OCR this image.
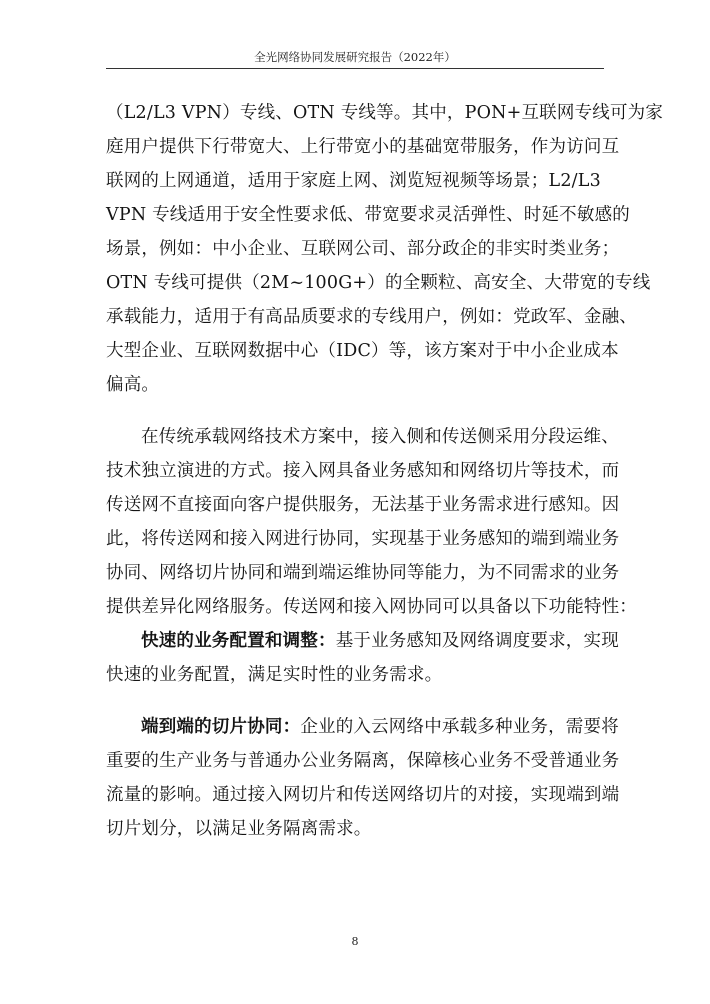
全光网络协同发展研究报告（2022年）
（L2/L3 VPN）专线、OTN 专线等。其中，PON+互联网专线可为家
庭用户提供下行带宽大、上行带宽小的基础宽带服务，作为访问互
联网的上网通道，适用于家庭上网、浏览短视频等场景；L2/L3
VPN 专线适用于安全性要求低、带宽要求灵活弹性、时延不敏感的
场景，例如：中小企业、互联网公司、部分政企的非实时类业务；
OTN 专线可提供（2M~100G+）的全颗粒、高安全、大带宽的专线
承载能力，适用于有高品质要求的专线用户，例如：党政军、金融、
大型企业、互联网数据中心（IDC）等，该方案对于中小企业成本
偏高。
在传统承载网络技术方案中，接入侧和传送侧采用分段运维、
技术独立演进的方式。接入网具备业务感知和网络切片等技术，而
传送网不直接面向客户提供服务，无法基于业务需求进行感知。因
此，将传送网和接入网进行协同，实现基于业务感知的端到端业务
协同、网络切片协同和端到端运维协同等能力，为不同需求的业务
提供差异化网络服务。传送网和接入网协同可以具备以下功能特性：
快速的业务配置和调整：基于业务感知及网络调度要求，实现
快速的业务配置，满足实时性的业务需求。
端到端的切片协同：企业的入云网络中承载多种业务，需要将
重要的生产业务与普通办公业务隔离，保障核心业务不受普通业务
流量的影响。通过接入网切片和传送网络切片的对接，实现端到端
切片划分，以满足业务隔离需求。
8
